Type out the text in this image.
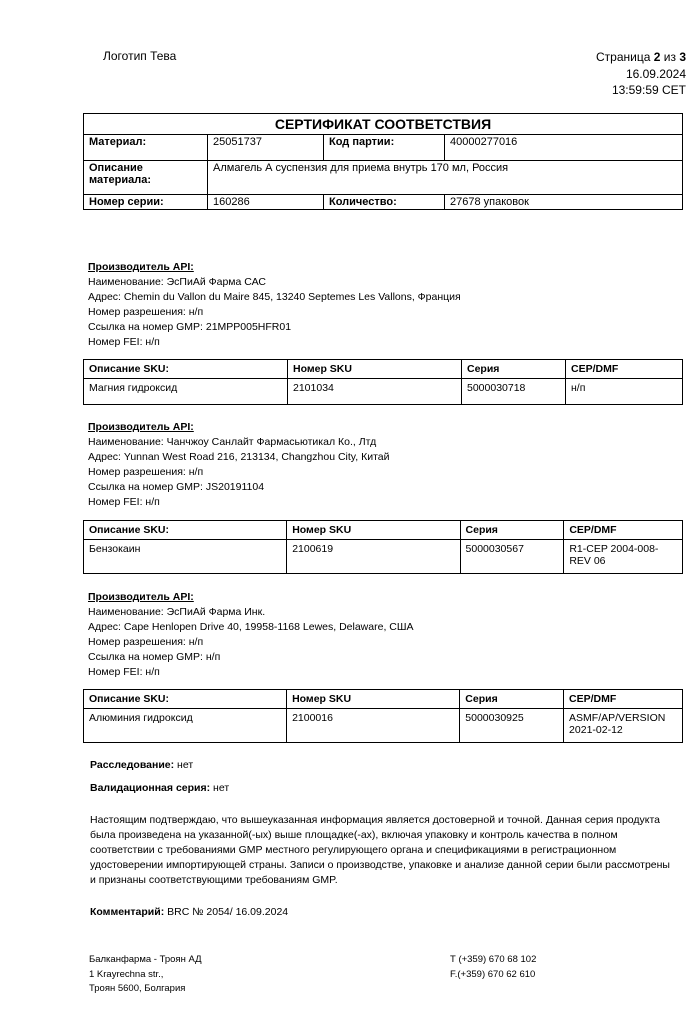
Логотип Тева	Страница 2 из 3
16.09.2024
13:59:59 CET
СЕРТИФИКАТ СООТВЕТСТВИЯ			
Материал:	25051737	Код партии:	40000277016
Описание материала:	Алмагель А суспензия для приема внутрь 170 мл, Россия		
Номер серии:	160286	Количество:	27678 упаковок
Производитель API:
Наименование: ЭсПиАй Фарма САС
Адрес: Chemin du Vallon du Maire 845, 13240 Septemes Les Vallons, Франция
Номер разрешения: н/п
Ссылка на номер GMP: 21MPP005HFR01
Номер FEI: н/п
Описание SKU:	Номер SKU	Серия	CEP/DMF
Магния гидроксид	2101034	5000030718	н/п
Производитель API:
Наименование: Чанчжоу Санлайт Фармасьютикал Ко., Лтд
Адрес: Yunnan West Road 216, 213134, Changzhou City, Китай
Номер разрешения: н/п
Ссылка на номер GMP: JS20191104
Номер FEI: н/п
Описание SKU:	Номер SKU	Серия	CEP/DMF
Бензокаин	2100619	5000030567	R1-CEP 2004-008-REV 06
Производитель API:
Наименование: ЭсПиАй Фарма Инк.
Адрес: Cape Henlopen Drive 40, 19958-1168 Lewes, Delaware, США
Номер разрешения: н/п
Ссылка на номер GMP: н/п
Номер FEI: н/п
Описание SKU:	Номер SKU	Серия	CEP/DMF
Алюминия гидроксид	2100016	5000030925	ASMF/AP/VERSION 2021-02-12
Расследование: нет
Валидационная серия: нет
Настоящим подтверждаю, что вышеуказанная информация является достоверной и точной. Данная серия продукта была произведена на указанной(-ых) выше площадке(-ах), включая упаковку и контроль качества в полном соответствии с требованиями GMP местного регулирующего органа и спецификациями в регистрационном удостоверении импортирующей страны. Записи о производстве, упаковке и анализе данной серии были рассмотрены и признаны соответствующими требованиям GMP.
Комментарий: BRC № 2054/ 16.09.2024
Балканфарма - Троян АД
1 Krayrechna str.,
Троян 5600, Болгария
Т (+359) 670 68 102
F.(+359) 670 62 610
